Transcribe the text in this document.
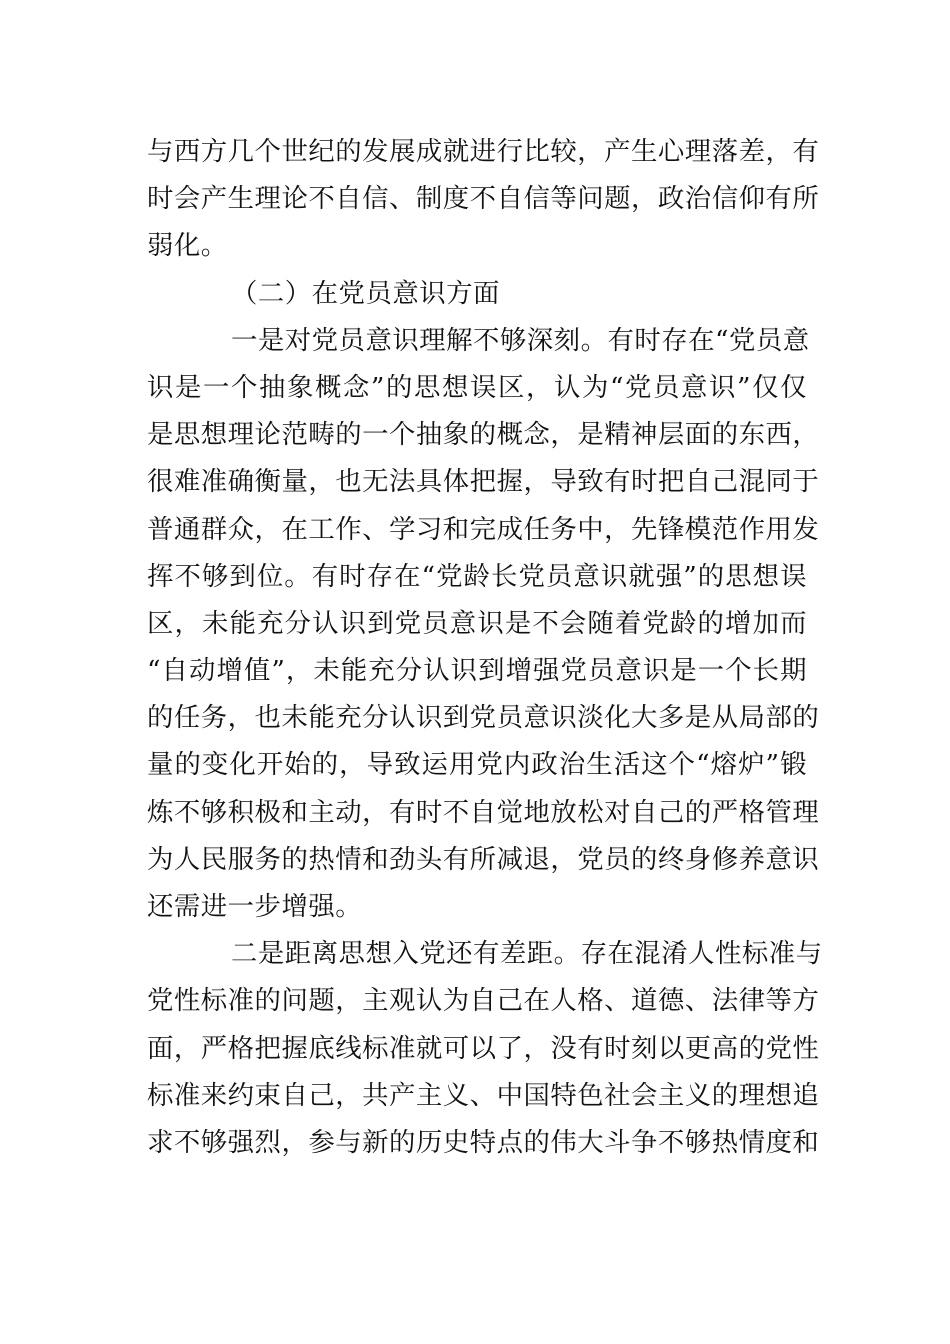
与西方几个世纪的发展成就进行比较，产生心理落差，有
时会产生理论不自信、制度不自信等问题，政治信仰有所
弱化。
（二）在党员意识方面
一是对党员意识理解不够深刻。有时存在“党员意
识是一个抽象概念”的思想误区，认为“党员意识”仅仅
是思想理论范畴的一个抽象的概念，是精神层面的东西，
很难准确衡量，也无法具体把握，导致有时把自己混同于
普通群众，在工作、学习和完成任务中，先锋模范作用发
挥不够到位。有时存在“党龄长党员意识就强”的思想误
区，未能充分认识到党员意识是不会随着党龄的增加而
“自动增值”，未能充分认识到增强党员意识是一个长期
的任务，也未能充分认识到党员意识淡化大多是从局部的
量的变化开始的，导致运用党内政治生活这个“熔炉”锻
炼不够积极和主动，有时不自觉地放松对自己的严格管理
为人民服务的热情和劲头有所减退，党员的终身修养意识
还需进一步增强。
二是距离思想入党还有差距。存在混淆人性标准与
党性标准的问题，主观认为自己在人格、道德、法律等方
面，严格把握底线标准就可以了，没有时刻以更高的党性
标准来约束自己，共产主义、中国特色社会主义的理想追
求不够强烈，参与新的历史特点的伟大斗争不够热情度和
